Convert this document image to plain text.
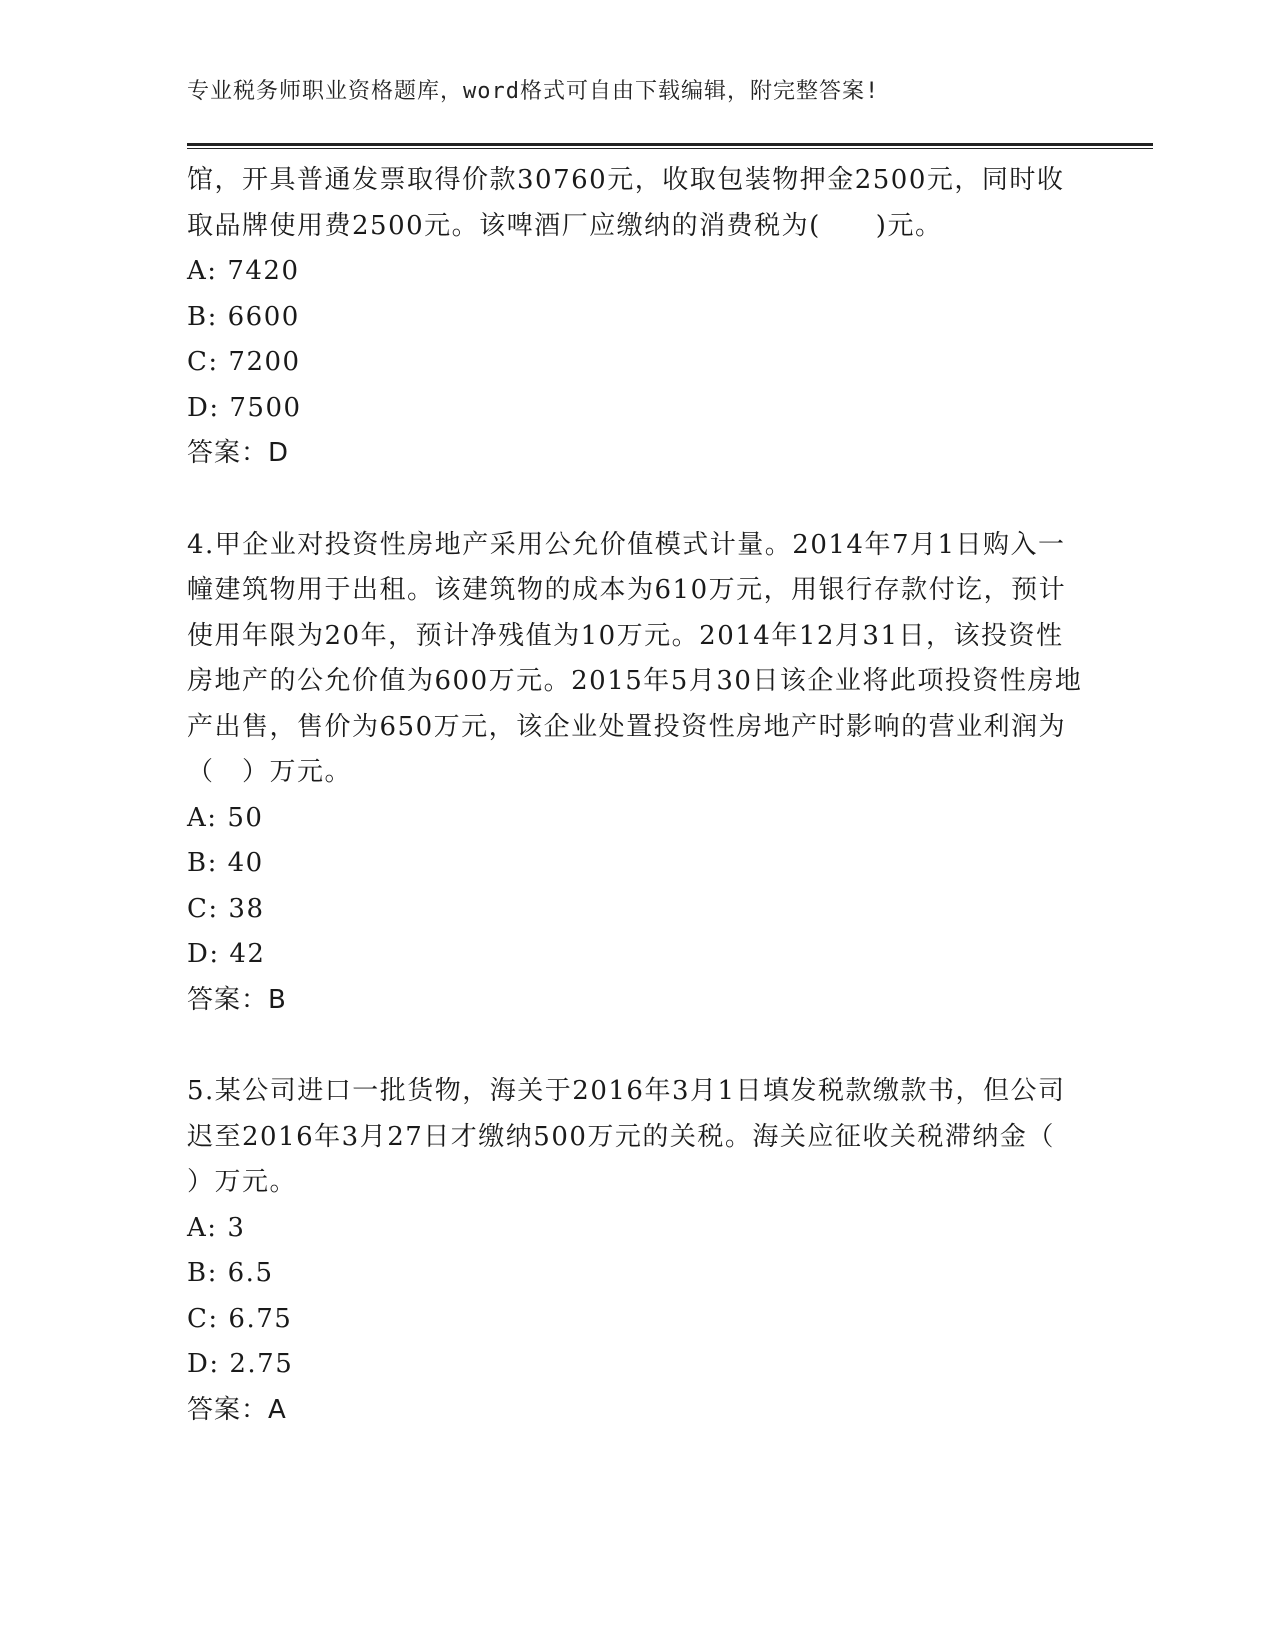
专业税务师职业资格题库，word格式可自由下载编辑，附完整答案!

馆，开具普通发票取得价款30760元，收取包装物押金2500元，同时收取品牌使用费2500元。该啤酒厂应缴纳的消费税为(　　)元。

A: 7420

B: 6600

C: 7200

D: 7500

答案：D

4.甲企业对投资性房地产采用公允价值模式计量。2014年7月1日购入一幢建筑物用于出租。该建筑物的成本为610万元，用银行存款付讫，预计使用年限为20年，预计净残值为10万元。2014年12月31日，该投资性房地产的公允价值为600万元。2015年5月30日该企业将此项投资性房地产出售，售价为650万元，该企业处置投资性房地产时影响的营业利润为（　）万元。

A: 50

B: 40

C: 38

D: 42

答案：B

5.某公司进口一批货物，海关于2016年3月1日填发税款缴款书，但公司迟至2016年3月27日才缴纳500万元的关税。海关应征收关税滞纳金（　　）万元。

A: 3

B: 6.5

C: 6.75

D: 2.75

答案：A
